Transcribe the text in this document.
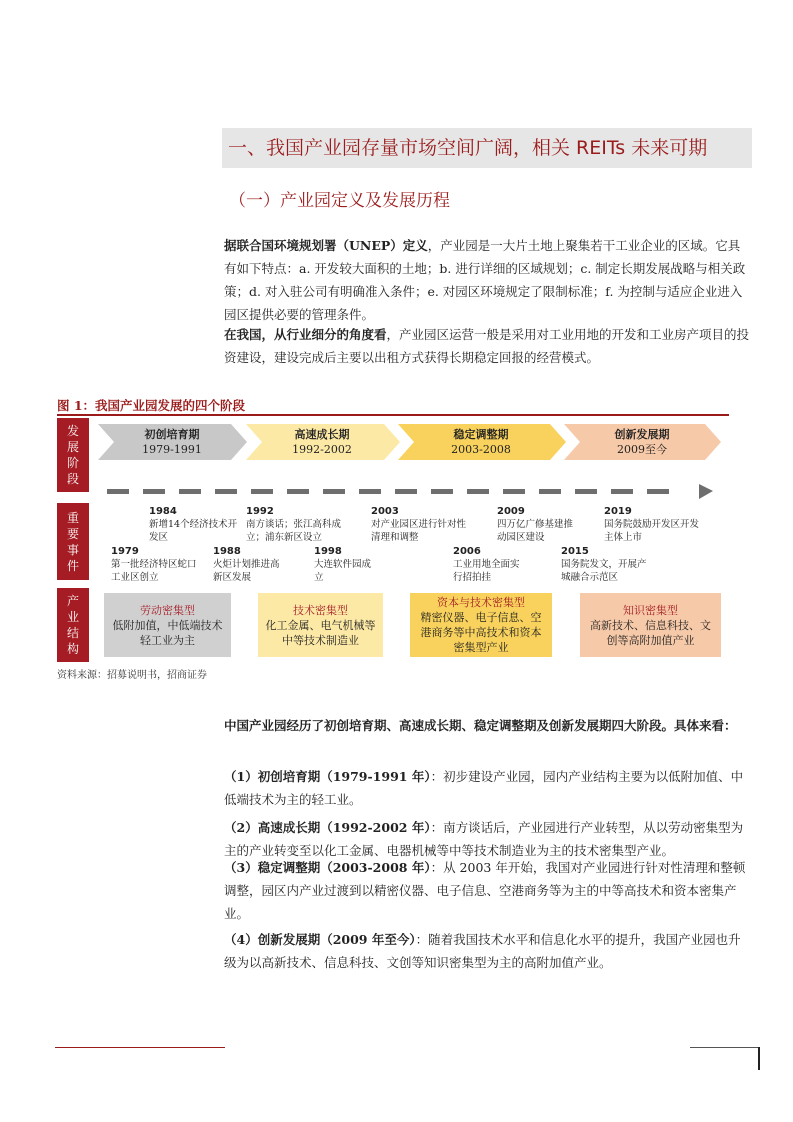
一、我国产业园存量市场空间广阔，相关 REITs 未来可期
（一）产业园定义及发展历程
据联合国环境规划署（UNEP）定义，产业园是一大片土地上聚集若干工业企业的区域。它具有如下特点：a. 开发较大面积的土地；b. 进行详细的区域规划；c. 制定长期发展战略与相关政策；d. 对入驻公司有明确准入条件；e. 对园区环境规定了限制标准；f. 为控制与适应企业进入园区提供必要的管理条件。
在我国，从行业细分的角度看，产业园区运营一般是采用对工业用地的开发和工业房产项目的投资建设，建设完成后主要以出租方式获得长期稳定回报的经营模式。
图 1：我国产业园发展的四个阶段
发展阶段
重要事件
产业结构
初创培育期
1979-1991
高速成长期
1992-2002
稳定调整期
2003-2008
创新发展期
2009至今
1984
新增14个经济技术开发区
1979
第一批经济特区蛇口工业区创立
1992
南方谈话；张江高科成立；浦东新区设立
1988
火炬计划推进高新区发展
1998
大连软件园成立
2003
对产业园区进行针对性清理和调整
2006
工业用地全面实行招拍挂
2009
四万亿广修基建推动园区建设
2015
国务院发文，开展产城融合示范区
2019
国务院鼓励开发区开发主体上市
劳动密集型
低附加值，中低端技术轻工业为主
技术密集型
化工金属、电气机械等中等技术制造业
资本与技术密集型
精密仪器、电子信息、空港商务等中高技术和资本密集型产业
知识密集型
高新技术、信息科技、文创等高附加值产业
资料来源：招募说明书，招商证券
中国产业园经历了初创培育期、高速成长期、稳定调整期及创新发展期四大阶段。具体来看：
（1）初创培育期（1979-1991 年）：初步建设产业园，园内产业结构主要为以低附加值、中低端技术为主的轻工业。
（2）高速成长期（1992-2002 年）：南方谈话后，产业园进行产业转型，从以劳动密集型为主的产业转变至以化工金属、电器机械等中等技术制造业为主的技术密集型产业。
（3）稳定调整期（2003-2008 年）：从 2003 年开始，我国对产业园进行针对性清理和整顿调整，园区内产业过渡到以精密仪器、电子信息、空港商务等为主的中等高技术和资本密集产业。
（4）创新发展期（2009 年至今）：随着我国技术水平和信息化水平的提升，我国产业园也升级为以高新技术、信息科技、文创等知识密集型为主的高附加值产业。
